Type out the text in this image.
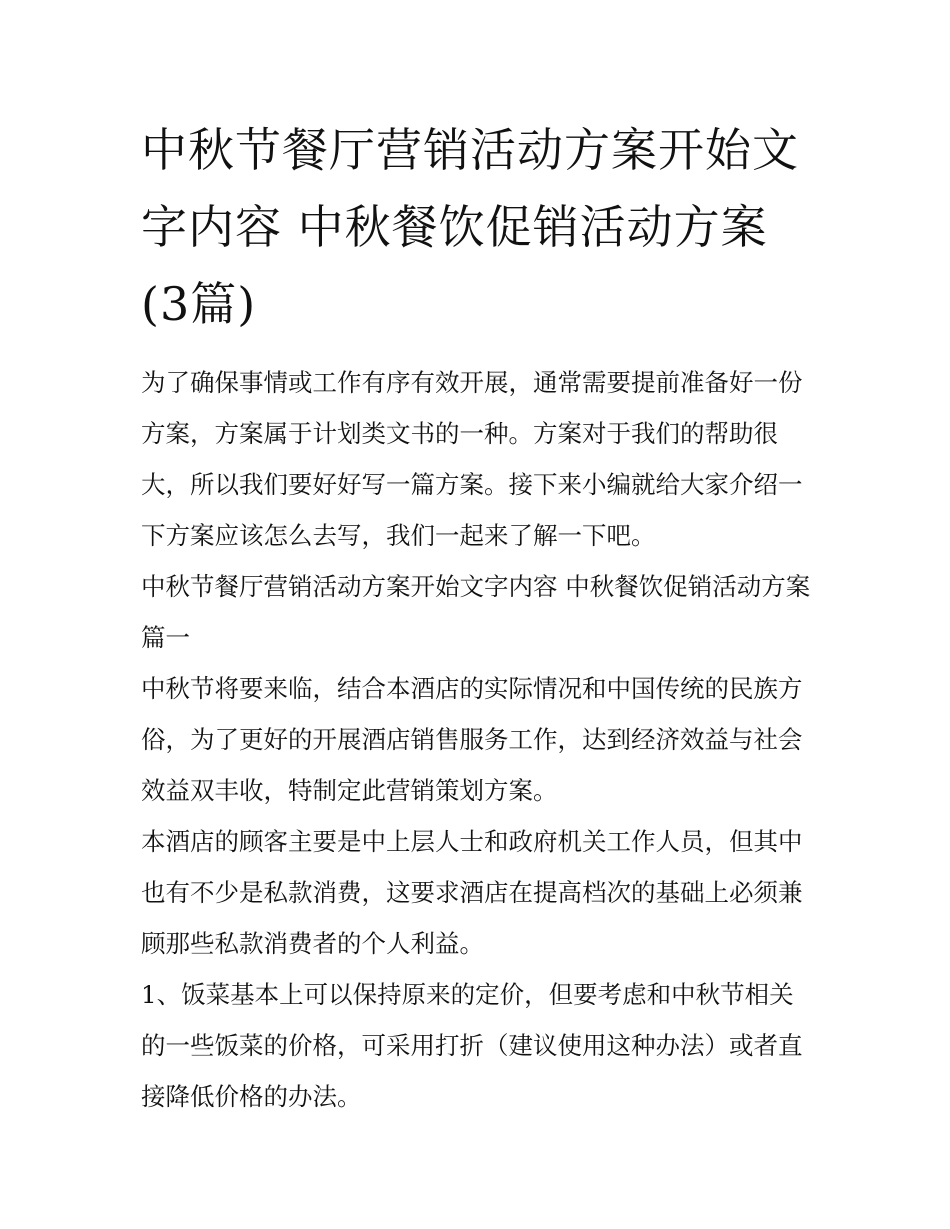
中秋节餐厅营销活动方案开始文字内容 中秋餐饮促销活动方案(3篇)

为了确保事情或工作有序有效开展，通常需要提前准备好一份方案，方案属于计划类文书的一种。方案对于我们的帮助很大，所以我们要好好写一篇方案。接下来小编就给大家介绍一下方案应该怎么去写，我们一起来了解一下吧。

中秋节餐厅营销活动方案开始文字内容 中秋餐饮促销活动方案篇一

中秋节将要来临，结合本酒店的实际情况和中国传统的民族方俗，为了更好的开展酒店销售服务工作，达到经济效益与社会效益双丰收，特制定此营销策划方案。

本酒店的顾客主要是中上层人士和政府机关工作人员，但其中也有不少是私款消费，这要求酒店在提高档次的基础上必须兼顾那些私款消费者的个人利益。

1、饭菜基本上可以保持原来的定价，但要考虑和中秋节相关的一些饭菜的价格，可采用打折（建议使用这种办法）或者直接降低价格的办法。
